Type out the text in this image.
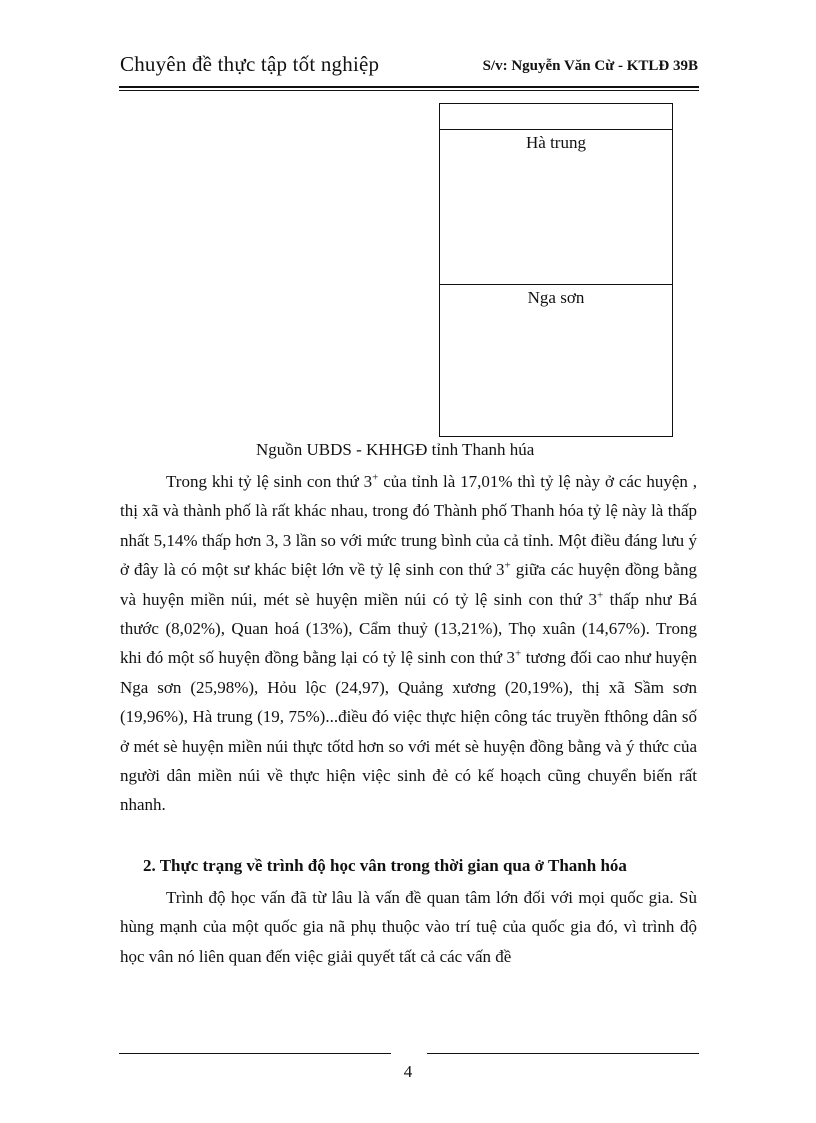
Chuyên đề thực tập tốt nghiệp	S/v: Nguyễn Văn Cừ - KTLĐ 39B
Hà trung
Nga sơn
Nguồn UBDS - KHHGĐ tỉnh Thanh húa

Trong khi tỷ lệ sinh con thứ 3+ của tỉnh là 17,01% thì tỷ lệ này ở các huyện , thị xã và thành phố là rất khác nhau, trong đó Thành phố Thanh hóa tỷ lệ này là thấp nhất 5,14% thấp hơn 3, 3 lần so với mức trung bình của cả tỉnh. Một điều đáng lưu ý ở đây là có một sư khác biệt lớn về tỷ lệ sinh con thứ 3+ giữa các huyện đồng bằng và huyện miền núi, mét sè huyện miền núi có tỷ lệ sinh con thứ 3+ thấp như Bá thước (8,02%), Quan hoá (13%), Cẩm thuỷ (13,21%), Thọ xuân (14,67%). Trong khi đó một số huyện đồng bằng lại có tỷ lệ sinh con thứ 3+ tương đối cao như huyện Nga sơn (25,98%), Hỏu lộc (24,97), Quảng xương (20,19%), thị xã Sầm sơn (19,96%), Hà trung (19, 75%)...điều đó việc thực hiện công tác truyền fthông dân số ở mét sè huyện miền núi thực tốtd hơn so với mét sè huyện đồng bằng và ý thức của người dân miền núi về thực hiện việc sinh đẻ có kế hoạch cũng chuyển biến rất nhanh.

2. Thực trạng về trình độ học vân trong thời gian qua ở Thanh hóa

Trình độ học vấn đã từ lâu là vấn đề quan tâm lớn đối với mọi quốc gia. Sù hùng mạnh của một quốc gia nã phụ thuộc vào trí tuệ của quốc gia đó, vì trình độ học vân nó liên quan đến việc giải quyết tất cả các vấn đề

4
